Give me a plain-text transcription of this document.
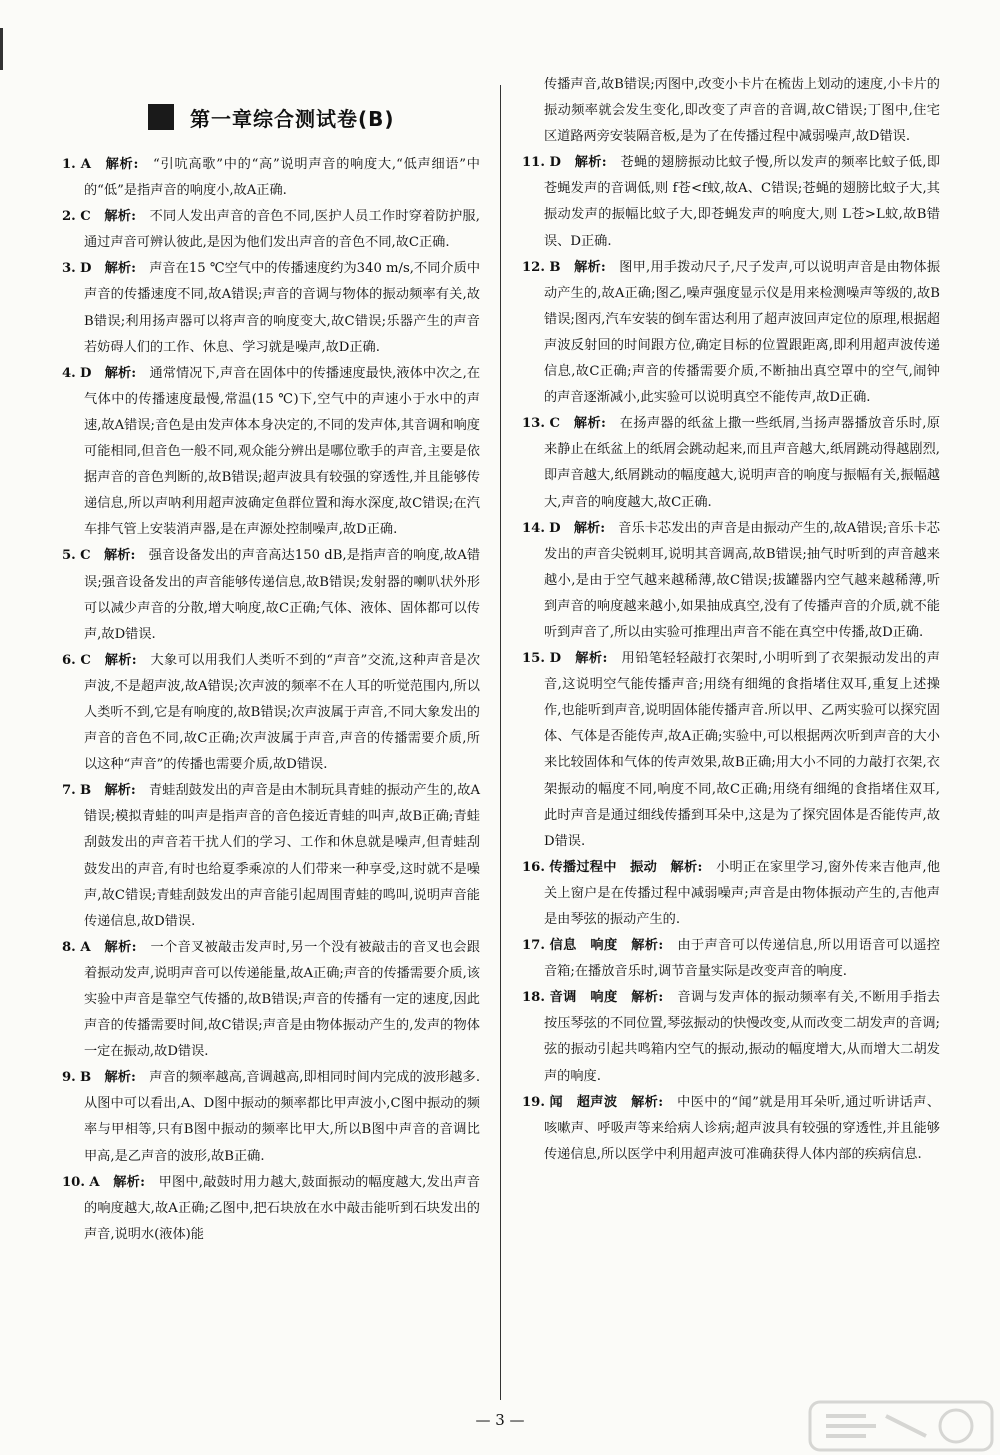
第一章综合测试卷(B)

1. A　 解析:　 “引吭高歌”中的“高”说明声音的响度大,“低声细语”中的“低”是指声音的响度小,故A正确.

2. C　 解析:　 不同人发出声音的音色不同,医护人员工作时穿着防护服,通过声音可辨认彼此,是因为他们发出声音的音色不同,故C正确.

3. D　 解析:　 声音在15 ℃空气中的传播速度约为340 m/s,不同介质中声音的传播速度不同,故A错误;声音的音调与物体的振动频率有关,故B错误;利用扬声器可以将声音的响度变大,故C错误;乐器产生的声音若妨碍人们的工作、休息、学习就是噪声,故D正确.

4. D　 解析:　 通常情况下,声音在固体中的传播速度最快,液体中次之,在气体中的传播速度最慢,常温(15 ℃)下,空气中的声速小于水中的声速,故A错误;音色是由发声体本身决定的,不同的发声体,其音调和响度可能相同,但音色一般不同,观众能分辨出是哪位歌手的声音,主要是依据声音的音色判断的,故B错误;超声波具有较强的穿透性,并且能够传递信息,所以声呐利用超声波确定鱼群位置和海水深度,故C错误;在汽车排气管上安装消声器,是在声源处控制噪声,故D正确.

5. C　 解析:　 强音设备发出的声音高达150 dB,是指声音的响度,故A错误;强音设备发出的声音能够传递信息,故B错误;发射器的喇叭状外形可以减少声音的分散,增大响度,故C正确;气体、液体、固体都可以传声,故D错误.

6. C　 解析:　 大象可以用我们人类听不到的“声音”交流,这种声音是次声波,不是超声波,故A错误;次声波的频率不在人耳的听觉范围内,所以人类听不到,它是有响度的,故B错误;次声波属于声音,不同大象发出的声音的音色不同,故C正确;次声波属于声音,声音的传播需要介质,所以这种“声音”的传播也需要介质,故D错误.

7. B　 解析:　 青蛙刮鼓发出的声音是由木制玩具青蛙的振动产生的,故A错误;模拟青蛙的叫声是指声音的音色接近青蛙的叫声,故B正确;青蛙刮鼓发出的声音若干扰人们的学习、工作和休息就是噪声,但青蛙刮鼓发出的声音,有时也给夏季乘凉的人们带来一种享受,这时就不是噪声,故C错误;青蛙刮鼓发出的声音能引起周围青蛙的鸣叫,说明声音能传递信息,故D错误.

8. A　 解析:　 一个音叉被敲击发声时,另一个没有被敲击的音叉也会跟着振动发声,说明声音可以传递能量,故A正确;声音的传播需要介质,该实验中声音是靠空气传播的,故B错误;声音的传播有一定的速度,因此声音的传播需要时间,故C错误;声音是由物体振动产生的,发声的物体一定在振动,故D错误.

9. B　 解析:　 声音的频率越高,音调越高,即相同时间内完成的波形越多.从图中可以看出,A、D图中振动的频率都比甲声波小,C图中振动的频率与甲相等,只有B图中振动的频率比甲大,所以B图中声音的音调比甲高,是乙声音的波形,故B正确.

10. A　 解析:　 甲图中,敲鼓时用力越大,鼓面振动的幅度越大,发出声音的响度越大,故A正确;乙图中,把石块放在水中敲击能听到石块发出的声音,说明水(液体)能

传播声音,故B错误;丙图中,改变小卡片在梳齿上划动的速度,小卡片的振动频率就会发生变化,即改变了声音的音调,故C错误;丁图中,住宅区道路两旁安装隔音板,是为了在传播过程中减弱噪声,故D错误.

11. D　 解析:　 苍蝇的翅膀振动比蚊子慢,所以发声的频率比蚊子低,即苍蝇发声的音调低,则 f苍<f蚊,故A、C错误;苍蝇的翅膀比蚊子大,其振动发声的振幅比蚊子大,即苍蝇发声的响度大,则 L苍>L蚊,故B错误、D正确.

12. B　 解析:　 图甲,用手拨动尺子,尺子发声,可以说明声音是由物体振动产生的,故A正确;图乙,噪声强度显示仪是用来检测噪声等级的,故B错误;图丙,汽车安装的倒车雷达利用了超声波回声定位的原理,根据超声波反射回的时间跟方位,确定目标的位置跟距离,即利用超声波传递信息,故C正确;声音的传播需要介质,不断抽出真空罩中的空气,闹钟的声音逐渐减小,此实验可以说明真空不能传声,故D正确.

13. C　 解析:　 在扬声器的纸盆上撒一些纸屑,当扬声器播放音乐时,原来静止在纸盆上的纸屑会跳动起来,而且声音越大,纸屑跳动得越剧烈,即声音越大,纸屑跳动的幅度越大,说明声音的响度与振幅有关,振幅越大,声音的响度越大,故C正确.

14. D　 解析:　 音乐卡芯发出的声音是由振动产生的,故A错误;音乐卡芯发出的声音尖锐刺耳,说明其音调高,故B错误;抽气时听到的声音越来越小,是由于空气越来越稀薄,故C错误;拔罐器内空气越来越稀薄,听到声音的响度越来越小,如果抽成真空,没有了传播声音的介质,就不能听到声音了,所以由实验可推理出声音不能在真空中传播,故D正确.

15. D　 解析:　 用铅笔轻轻敲打衣架时,小明听到了衣架振动发出的声音,这说明空气能传播声音;用绕有细绳的食指堵住双耳,重复上述操作,也能听到声音,说明固体能传播声音.所以甲、乙两实验可以探究固体、气体是否能传声,故A正确;实验中,可以根据两次听到声音的大小来比较固体和气体的传声效果,故B正确;用大小不同的力敲打衣架,衣架振动的幅度不同,响度不同,故C正确;用绕有细绳的食指堵住双耳,此时声音是通过细线传播到耳朵中,这是为了探究固体是否能传声,故D错误.

16. 传播过程中　振动　 解析:　 小明正在家里学习,窗外传来吉他声,他关上窗户是在传播过程中减弱噪声;声音是由物体振动产生的,吉他声是由琴弦的振动产生的.

17. 信息　响度　 解析:　 由于声音可以传递信息,所以用语音可以遥控音箱;在播放音乐时,调节音量实际是改变声音的响度.

18. 音调　响度　 解析:　 音调与发声体的振动频率有关,不断用手指去按压琴弦的不同位置,琴弦振动的快慢改变,从而改变二胡发声的音调;弦的振动引起共鸣箱内空气的振动,振动的幅度增大,从而增大二胡发声的响度.

19. 闻　超声波　 解析:　 中医中的“闻”就是用耳朵听,通过听讲话声、咳嗽声、呼吸声等来给病人诊病;超声波具有较强的穿透性,并且能够传递信息,所以医学中利用超声波可准确获得人体内部的疾病信息.

— 3 —
